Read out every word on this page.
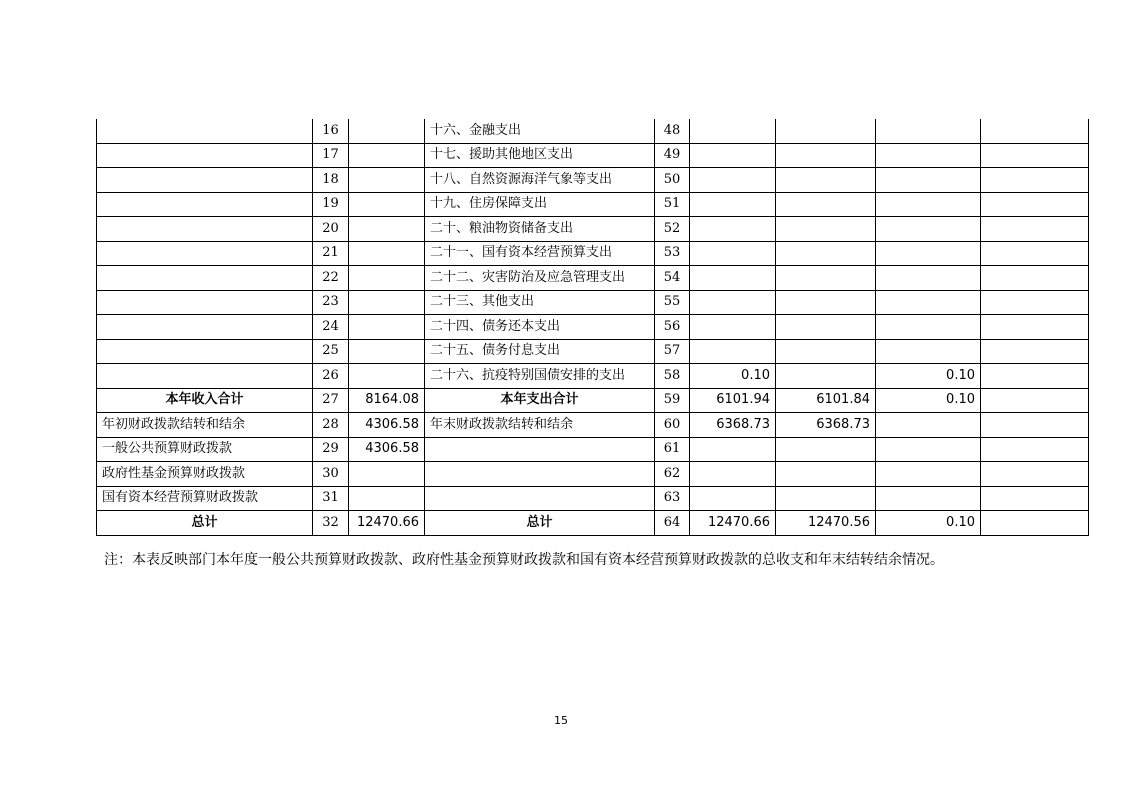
	16		十六、金融支出	48				
	17		十七、援助其他地区支出	49				
	18		十八、自然资源海洋气象等支出	50				
	19		十九、住房保障支出	51				
	20		二十、粮油物资储备支出	52				
	21		二十一、国有资本经营预算支出	53				
	22		二十二、灾害防治及应急管理支出	54				
	23		二十三、其他支出	55				
	24		二十四、债务还本支出	56				
	25		二十五、债务付息支出	57				
	26		二十六、抗疫特别国债安排的支出	58	0.10		0.10	
本年收入合计	27	8164.08	本年支出合计	59	6101.94	6101.84	0.10	
年初财政拨款结转和结余	28	4306.58	年末财政拨款结转和结余	60	6368.73	6368.73		
一般公共预算财政拨款	29	4306.58		61				
政府性基金预算财政拨款	30			62				
国有资本经营预算财政拨款	31			63				
总计	32	12470.66	总计	64	12470.66	12470.56	0.10	
注：本表反映部门本年度一般公共预算财政拨款、政府性基金预算财政拨款和国有资本经营预算财政拨款的总收支和年末结转结余情况。
15
